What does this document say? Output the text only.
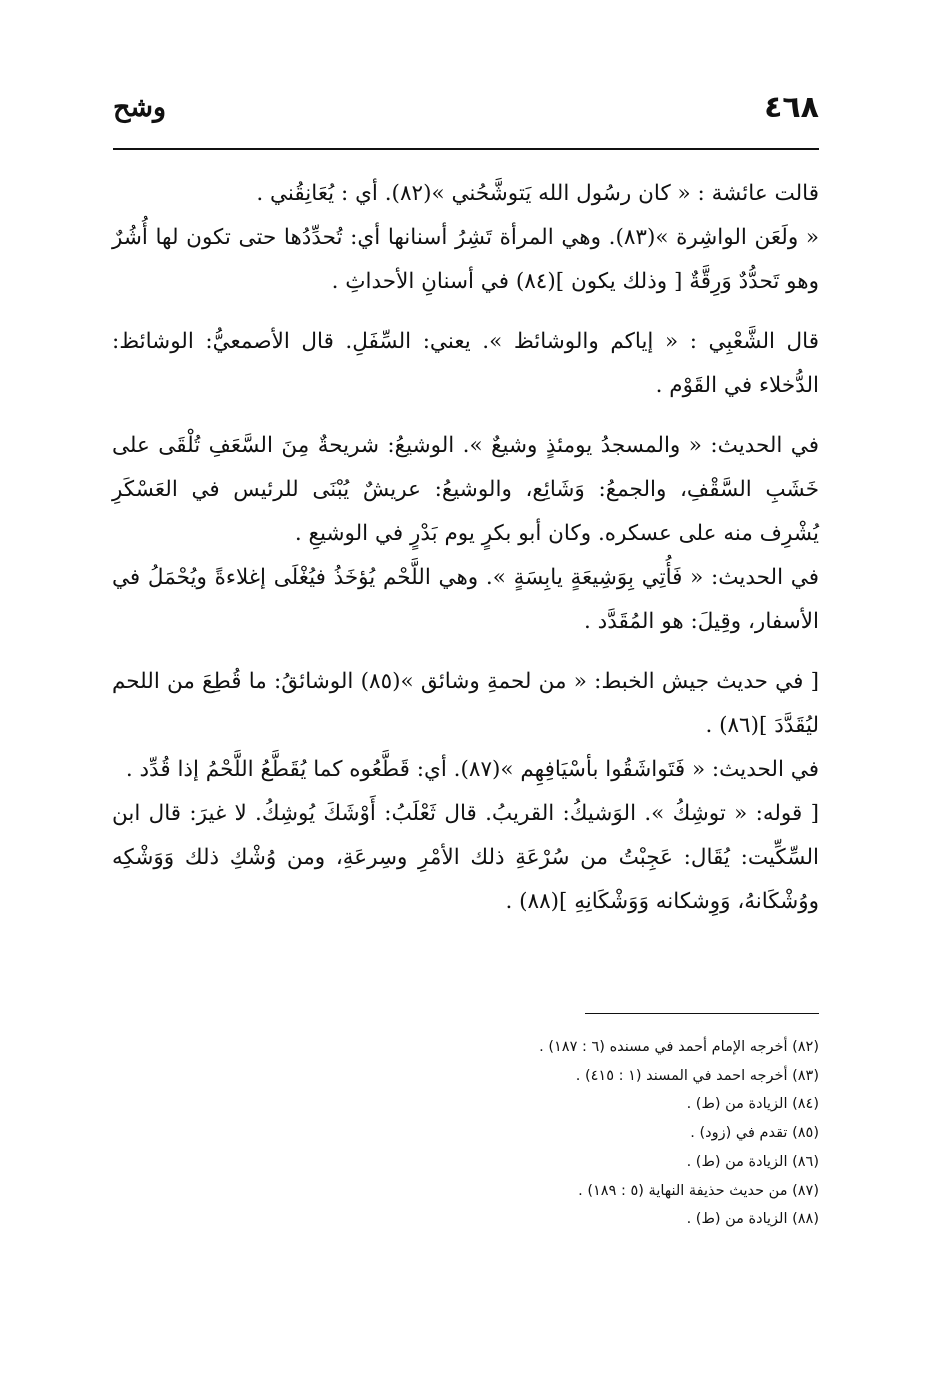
٤٦٨
وشح

قالت عائشة : « كان رسُول الله يَتوشَّحُني »(٨٢). أي : يُعَانِقُني .

« ولَعَن الواشِرة »(٨٣). وهي المرأة تَشِرُ أسنانها أي: تُحدِّدُها حتى تكون لها أُشُرٌ وهو تَحدُّدٌ وَرِقَّةٌ [ وذلك يكون ](٨٤) في أسنانِ الأحداثِ .

قال الشَّعْبِي : « إياكم والوشائظ ». يعني: السِّفَلِ. قال الأصمعيُّ: الوشائظ: الدُّخلاء في القَوْم .

في الحديث: « والمسجدُ يومئذٍ وشيعٌ ». الوشيعُ: شريحةٌ مِنَ السَّعَفِ تُلْقَى على خَشَبِ السَّقْفِ، والجمعُ: وَشَائِع، والوشيعُ: عريشٌ يُبْنَى للرئيس في العَسْكَرِ يُشْرِف منه على عسكره. وكان أبو بكرٍ يوم بَدْرٍ في الوشيعِ .

في الحديث: « فَأُتِي بِوَشِيعَةٍ يابِسَةٍ ». وهي اللَّحْم يُؤخَذُ فيُغْلَى إغلاءةً ويُحْمَلُ في الأسفار، وقِيلَ: هو المُقَدَّد .

[ في حديث جيش الخبط: « من لحمةِ وشائق »(٨٥) الوشائقُ: ما قُطِعَ من اللحم ليُقَدَّدَ ](٨٦) .

في الحديث: « فَتَواشَقُوا بأسْيَافِهِم »(٨٧). أي: قَطَّعُوه كما يُقَطَّعُ اللَّحْمُ إذا قُدِّد .

[ قوله: « توشِكُ ». الوَشيكُ: القريبُ. قال ثَعْلَبُ: أَوْشَكَ يُوشِكُ. لا غيرَ: قال ابن السِّكِّيت: يُقَال: عَجِبْتُ من سُرْعَةِ ذلك الأمْرِ وسِرعَةِ، ومن وُشْكِ ذلك وَوَشْكِه ووُشْكَانهُ، وَوِشكانه وَوَشْكَانِهِ ](٨٨) .

(٨٢) أخرجه الإمام أحمد في مسنده (٦ : ١٨٧) .
(٨٣) أخرجه احمد في المسند (١ : ٤١٥) .
(٨٤) الزيادة من (ط) .
(٨٥) تقدم في (زود) .
(٨٦) الزيادة من (ط) .
(٨٧) من حديث حذيفة النهاية (٥ : ١٨٩) .
(٨٨) الزيادة من (ط) .
